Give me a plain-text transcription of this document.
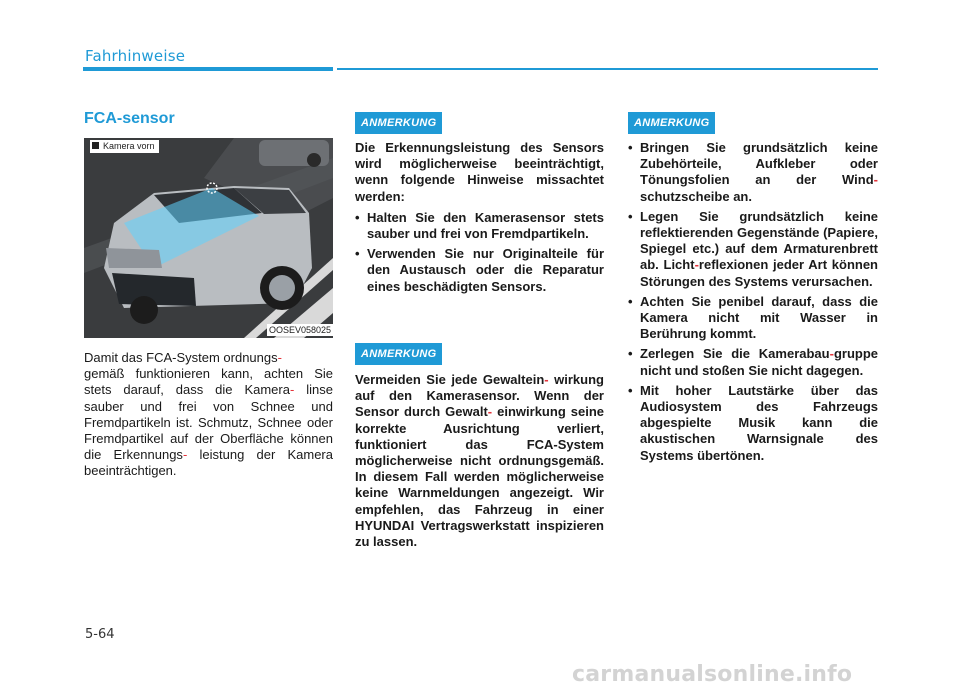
Fahrhinweise
FCA-sensor
Kamera vorn
OOSEV058025
Damit das FCA-System ordnungs-
gemäß funktionieren kann, achten Sie stets darauf, dass die Kamera- linse sauber und frei von Schnee und Fremdpartikeln ist. Schmutz, Schnee oder Fremdpartikel auf der Oberfläche können die Erkennungs- leistung der Kamera beeinträchtigen.
ANMERKUNG

Die Erkennungsleistung des Sensors wird möglicherweise beeinträchtigt, wenn folgende Hinweise missachtet werden:

• Halten Sie den Kamerasensor stets sauber und frei von Fremdpartikeln.
• Verwenden Sie nur Originalteile für den Austausch oder die Reparatur eines beschädigten Sensors.
ANMERKUNG
Vermeiden Sie jede Gewaltein- wirkung auf den Kamerasensor. Wenn der Sensor durch Gewalt- einwirkung seine korrekte Ausrichtung verliert, funktioniert das FCA-System möglicherweise nicht ordnungsgemäß. In diesem Fall werden möglicherweise keine Warnmeldungen angezeigt. Wir empfehlen, das Fahrzeug in einer HYUNDAI Vertragswerkstatt inspizieren zu lassen.
ANMERKUNG
• Bringen Sie grundsätzlich keine Zubehörteile, Aufkleber oder Tönungsfolien an der Wind-schutzscheibe an.
• Legen Sie grundsätzlich keine reflektierenden Gegenstände (Papiere, Spiegel etc.) auf dem Armaturenbrett ab. Licht-reflexionen jeder Art können Störungen des Systems verursachen.
• Achten Sie penibel darauf, dass die Kamera nicht mit Wasser in Berührung kommt.
• Zerlegen Sie die Kamerabau-gruppe nicht und stoßen Sie nicht dagegen.
• Mit hoher Lautstärke über das Audiosystem des Fahrzeugs abgespielte Musik kann die akustischen Warnsignale des Systems übertönen.
5-64
carmanualsonline.info
